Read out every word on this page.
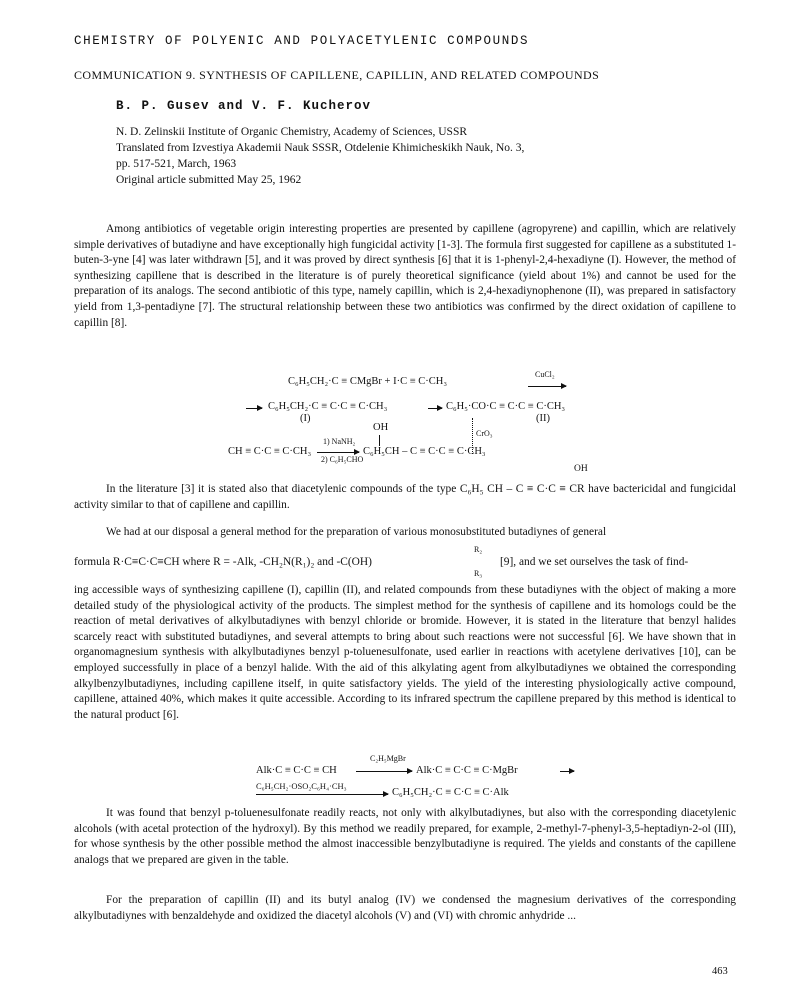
CHEMISTRY OF POLYENIC AND POLYACETYLENIC COMPOUNDS
COMMUNICATION 9. SYNTHESIS OF CAPILLENE, CAPILLIN, AND RELATED COMPOUNDS
B. P. Gusev and V. F. Kucherov
N. D. Zelinskii Institute of Organic Chemistry, Academy of Sciences, USSR
Translated from Izvestiya Akademii Nauk SSSR, Otdelenie Khimicheskikh Nauk, No. 3,
pp. 517-521, March, 1963
Original article submitted May 25, 1962

Among antibiotics of vegetable origin interesting properties are presented by capillene (agropyrene) and capillin, which are relatively simple derivatives of butadiyne and have exceptionally high fungicidal activity [1-3]. The formula first suggested for capillene as a substituted 1-buten-3-yne [4] was later withdrawn [5], and it was proved by direct synthesis [6] that it is 1-phenyl-2,4-hexadiyne (I). However, the method of synthesizing capillene that is described in the literature is of purely theoretical significance (yield about 1%) and cannot be used for the preparation of its analogs. The second antibiotic of this type, namely capillin, which is 2,4-hexadiynophenone (II), was prepared in satisfactory yield from 1,3-pentadiyne [7]. The structural relationship between these two antibiotics was confirmed by the direct oxidation of capillene to capillin [8].

C₆H₅CH₂·C ≡ CMgBr + I·C ≡ C·CH₃
CuCl₂
C₆H₅CH₂·C ≡ C·C ≡ C·CH₃	C₆H₅·CO·C ≡ C·C ≡ C·CH₃
(I)	(II)
OH
CrO₃
CH ≡ C·C ≡ C·CH₃
1) NaNH₂
2) C₆H₅CHO
C₆H₅CH – C ≡ C·C ≡ C·CH₃
OH

In the literature [3] it is stated also that diacetylenic compounds of the type C₆H₅ CH – C ≡ C·C ≡ CR have bactericidal and fungicidal activity similar to that of capillene and capillin.

We had at our disposal a general method for the preparation of various monosubstituted butadiynes of general

formula R·C≡C·C≡CH where R = -Alk, -CH₂N(R₁)₂ and -C(OH)
R₂
R₃
[9], and we set ourselves the task of find-

ing accessible ways of synthesizing capillene (I), capillin (II), and related compounds from these butadiynes with the object of making a more detailed study of the physiological activity of the products. The simplest method for the synthesis of capillene and its homologs could be the reaction of metal derivatives of alkylbutadiynes with benzyl chloride or bromide. However, it is stated in the literature that benzyl halides scarcely react with substituted butadiynes, and several attempts to bring about such reactions were not successful [6]. We have shown that in organomagnesium synthesis with alkylbutadiynes benzyl p-toluenesulfonate, used earlier in reactions with acetylene derivatives [10], can be employed successfully in place of a benzyl halide. With the aid of this alkylating agent from alkylbutadiynes we obtained the corresponding alkylbenzylbutadiynes, including capillene itself, in quite satisfactory yields. The yield of the interesting physiologically active compound, capillene, attained 40%, which makes it quite accessible. According to its infrared spectrum the capillene prepared by this method is identical to the natural product [6].

Alk·C ≡ C·C ≡ CH
C₂H₅MgBr
Alk·C ≡ C·C ≡ C·MgBr
C₆H₅CH₂·OSO₂C₆H₄·CH₃
C₆H₅CH₂·C ≡ C·C ≡ C·Alk

It was found that benzyl p-toluenesulfonate readily reacts, not only with alkylbutadiynes, but also with the corresponding diacetylenic alcohols (with acetal protection of the hydroxyl). By this method we readily prepared, for example, 2-methyl-7-phenyl-3,5-heptadiyn-2-ol (III), for whose synthesis by the other possible method the almost inaccessible benzylbutadiyne is required. The yields and constants of the capillene analogs that we prepared are given in the table.

For the preparation of capillin (II) and its butyl analog (IV) we condensed the magnesium derivatives of the corresponding alkylbutadiynes with benzaldehyde and oxidized the diacetyl alcohols (V) and (VI) with chromic anhydride ...

463
